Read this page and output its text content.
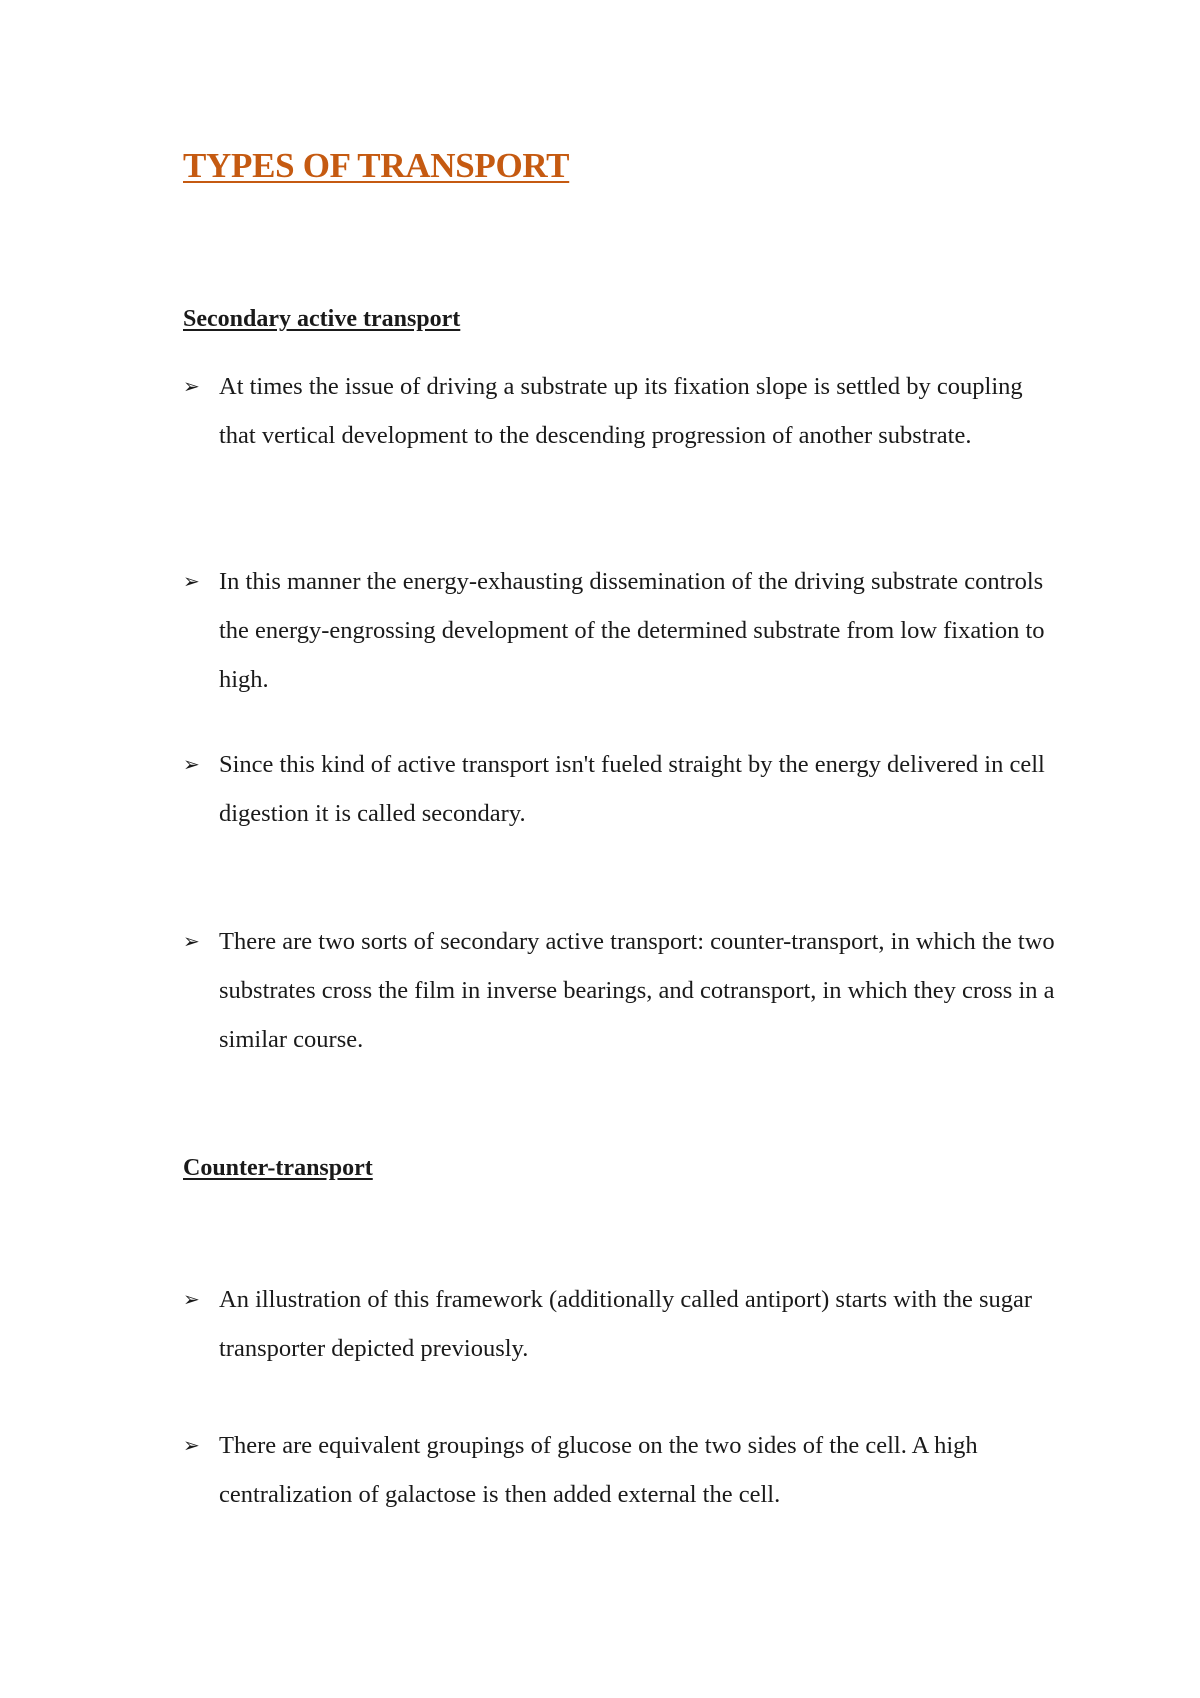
TYPES OF TRANSPORT
Secondary active transport
➢ At times the issue of driving a substrate up its fixation slope is settled by coupling that vertical development to the descending progression of another substrate.

➢ In this manner the energy-exhausting dissemination of the driving substrate controls the energy-engrossing development of the determined substrate from low fixation to high.

➢ Since this kind of active transport isn't fueled straight by the energy delivered in cell digestion it is called secondary.

➢ There are two sorts of secondary active transport: counter-transport, in which the two substrates cross the film in inverse bearings, and cotransport, in which they cross in a similar course.

Counter-transport
➢ An illustration of this framework (additionally called antiport) starts with the sugar transporter depicted previously.

➢ There are equivalent groupings of glucose on the two sides of the cell. A high centralization of galactose is then added external the cell.
